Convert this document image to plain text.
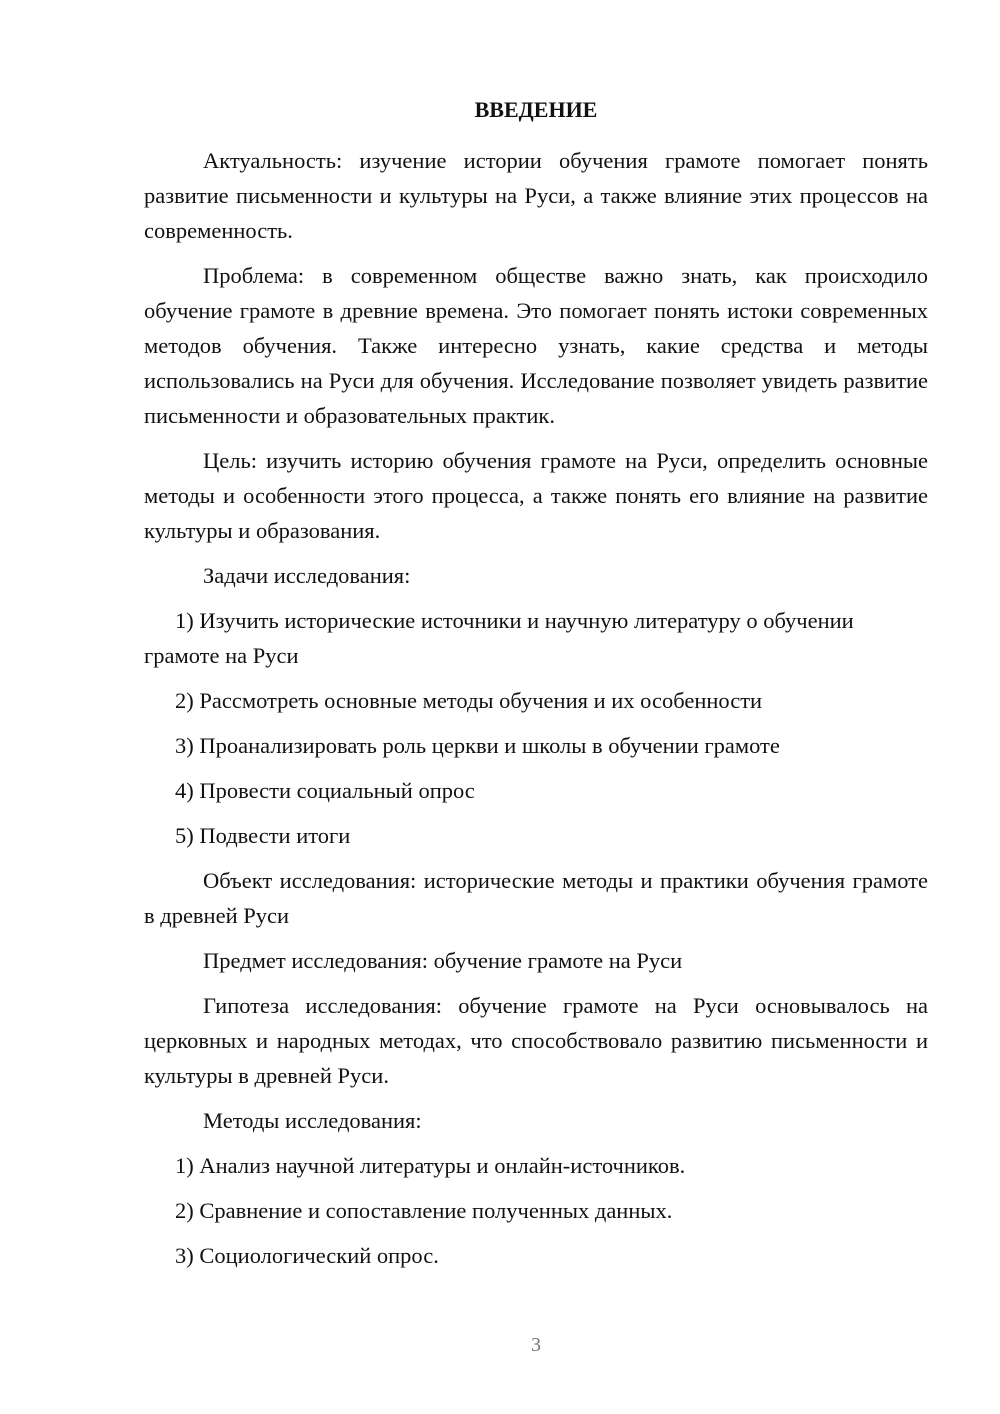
ВВЕДЕНИЕ

Актуальность: изучение истории обучения грамоте помогает понять развитие письменности и культуры на Руси, а также влияние этих процессов на современность.

Проблема: в современном обществе важно знать, как происходило обучение грамоте в древние времена. Это помогает понять истоки современных методов обучения. Также интересно узнать, какие средства и методы использовались на Руси для обучения. Исследование позволяет увидеть развитие письменности и образовательных практик.

Цель: изучить историю обучения грамоте на Руси, определить основные методы и особенности этого процесса, а также понять его влияние на развитие культуры и образования.

Задачи исследования:

1) Изучить исторические источники и научную литературу о обучении грамоте на Руси

2) Рассмотреть основные методы обучения и их особенности

3) Проанализировать роль церкви и школы в обучении грамоте

4) Провести социальный опрос

5) Подвести итоги

Объект исследования: исторические методы и практики обучения грамоте в древней Руси

Предмет исследования: обучение грамоте на Руси

Гипотеза исследования: обучение грамоте на Руси основывалось на церковных и народных методах, что способствовало развитию письменности и культуры в древней Руси.

Методы исследования:

1) Анализ научной литературы и онлайн-источников.

2) Сравнение и сопоставление полученных данных.

3) Социологический опрос.

3
